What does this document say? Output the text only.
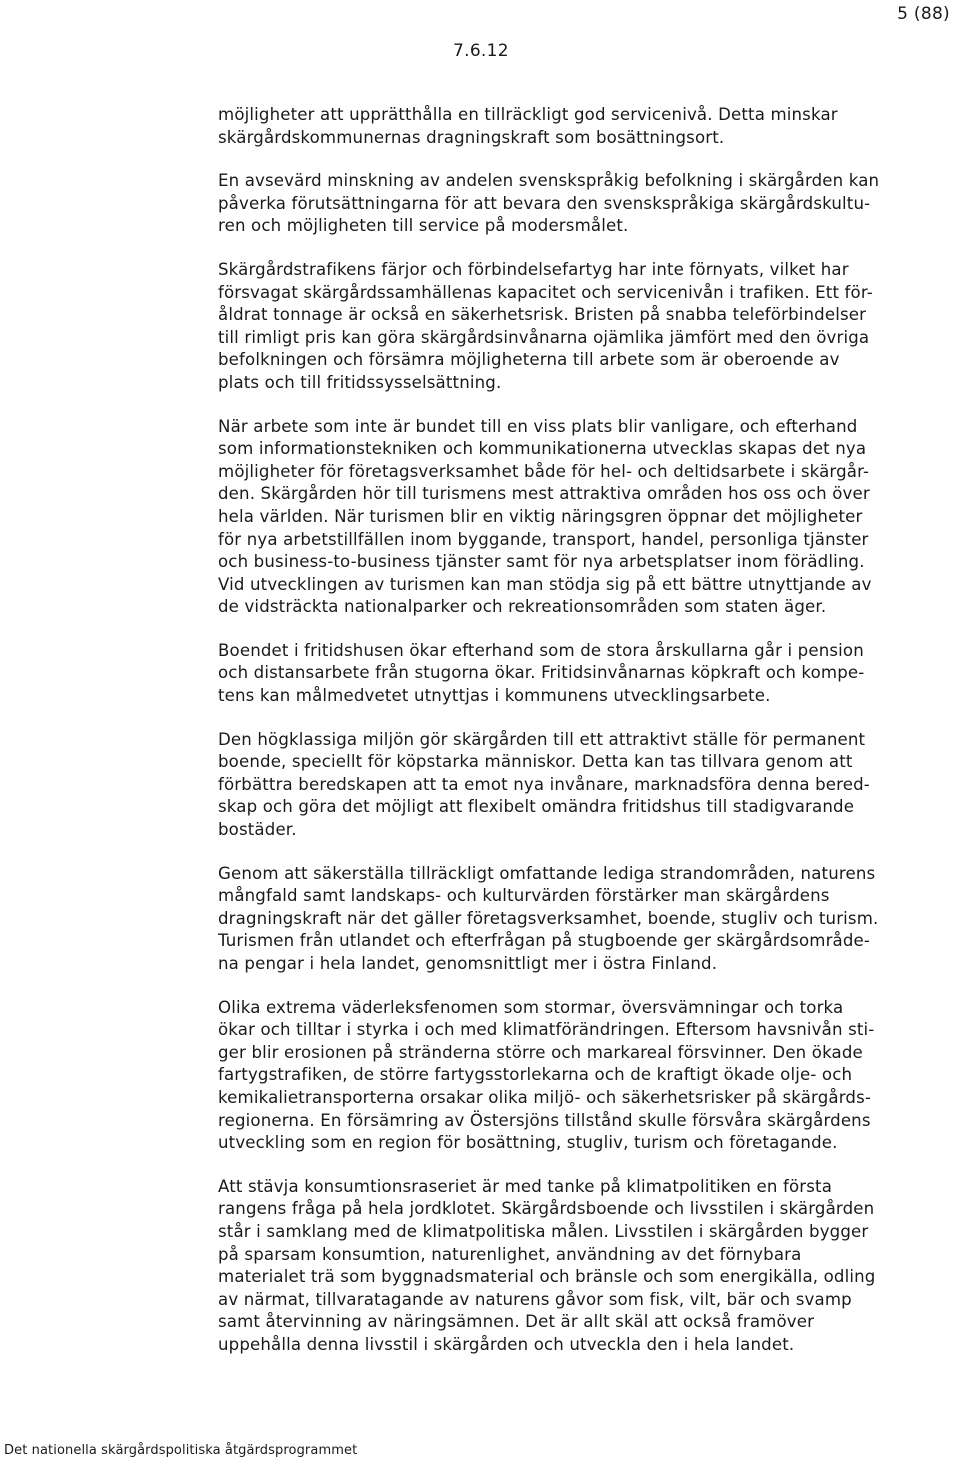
5 (88)
7.6.12
möjligheter att upprätthålla en tillräckligt god servicenivå. Detta minskar
skärgårdskommunernas dragningskraft som bosättningsort.
En avsevärd minskning av andelen svenskspråkig befolkning i skärgården kan
påverka förutsättningarna för att bevara den svenskspråkiga skärgårdskultu-
ren och möjligheten till service på modersmålet.
Skärgårdstrafikens färjor och förbindelsefartyg har inte förnyats, vilket har
försvagat skärgårdssamhällenas kapacitet och servicenivån i trafiken. Ett för-
åldrat tonnage är också en säkerhetsrisk. Bristen på snabba teleförbindelser
till rimligt pris kan göra skärgårdsinvånarna ojämlika jämfört med den övriga
befolkningen och försämra möjligheterna till arbete som är oberoende av
plats och till fritidssysselsättning.
När arbete som inte är bundet till en viss plats blir vanligare, och efterhand
som informationstekniken och kommunikationerna utvecklas skapas det nya
möjligheter för företagsverksamhet både för hel- och deltidsarbete i skärgår-
den. Skärgården hör till turismens mest attraktiva områden hos oss och över
hela världen. När turismen blir en viktig näringsgren öppnar det möjligheter
för nya arbetstillfällen inom byggande, transport, handel, personliga tjänster
och business-to-business tjänster samt för nya arbetsplatser inom förädling.
Vid utvecklingen av turismen kan man stödja sig på ett bättre utnyttjande av
de vidsträckta nationalparker och rekreationsområden som staten äger.
Boendet i fritidshusen ökar efterhand som de stora årskullarna går i pension
och distansarbete från stugorna ökar. Fritidsinvånarnas köpkraft och kompe-
tens kan målmedvetet utnyttjas i kommunens utvecklingsarbete.
Den högklassiga miljön gör skärgården till ett attraktivt ställe för permanent
boende, speciellt för köpstarka människor. Detta kan tas tillvara genom att
förbättra beredskapen att ta emot nya invånare, marknadsföra denna bered-
skap och göra det möjligt att flexibelt omändra fritidshus till stadigvarande
bostäder.
Genom att säkerställa tillräckligt omfattande lediga strandområden, naturens
mångfald samt landskaps- och kulturvärden förstärker man skärgårdens
dragningskraft när det gäller företagsverksamhet, boende, stugliv och turism.
Turismen från utlandet och efterfrågan på stugboende ger skärgårdsområde-
na pengar i hela landet, genomsnittligt mer i östra Finland.
Olika extrema väderleksfenomen som stormar, översvämningar och torka
ökar och tilltar i styrka i och med klimatförändringen. Eftersom havsnivån sti-
ger blir erosionen på stränderna större och markareal försvinner. Den ökade
fartygstrafiken, de större fartygsstorlekarna och de kraftigt ökade olje- och
kemikalietransporterna orsakar olika miljö- och säkerhetsrisker på skärgårds-
regionerna. En försämring av Östersjöns tillstånd skulle försvåra skärgårdens
utveckling som en region för bosättning, stugliv, turism och företagande.
Att stävja konsumtionsraseriet är med tanke på klimatpolitiken en första
rangens fråga på hela jordklotet. Skärgårdsboende och livsstilen i skärgården
står i samklang med de klimatpolitiska målen. Livsstilen i skärgården bygger
på sparsam konsumtion, naturenlighet, användning av det förnybara
materialet trä som byggnadsmaterial och bränsle och som energikälla, odling
av närmat, tillvaratagande av naturens gåvor som fisk, vilt, bär och svamp
samt återvinning av näringsämnen. Det är allt skäl att också framöver
uppehålla denna livsstil i skärgården och utveckla den i hela landet.
Det nationella skärgårdspolitiska åtgärdsprogrammet
